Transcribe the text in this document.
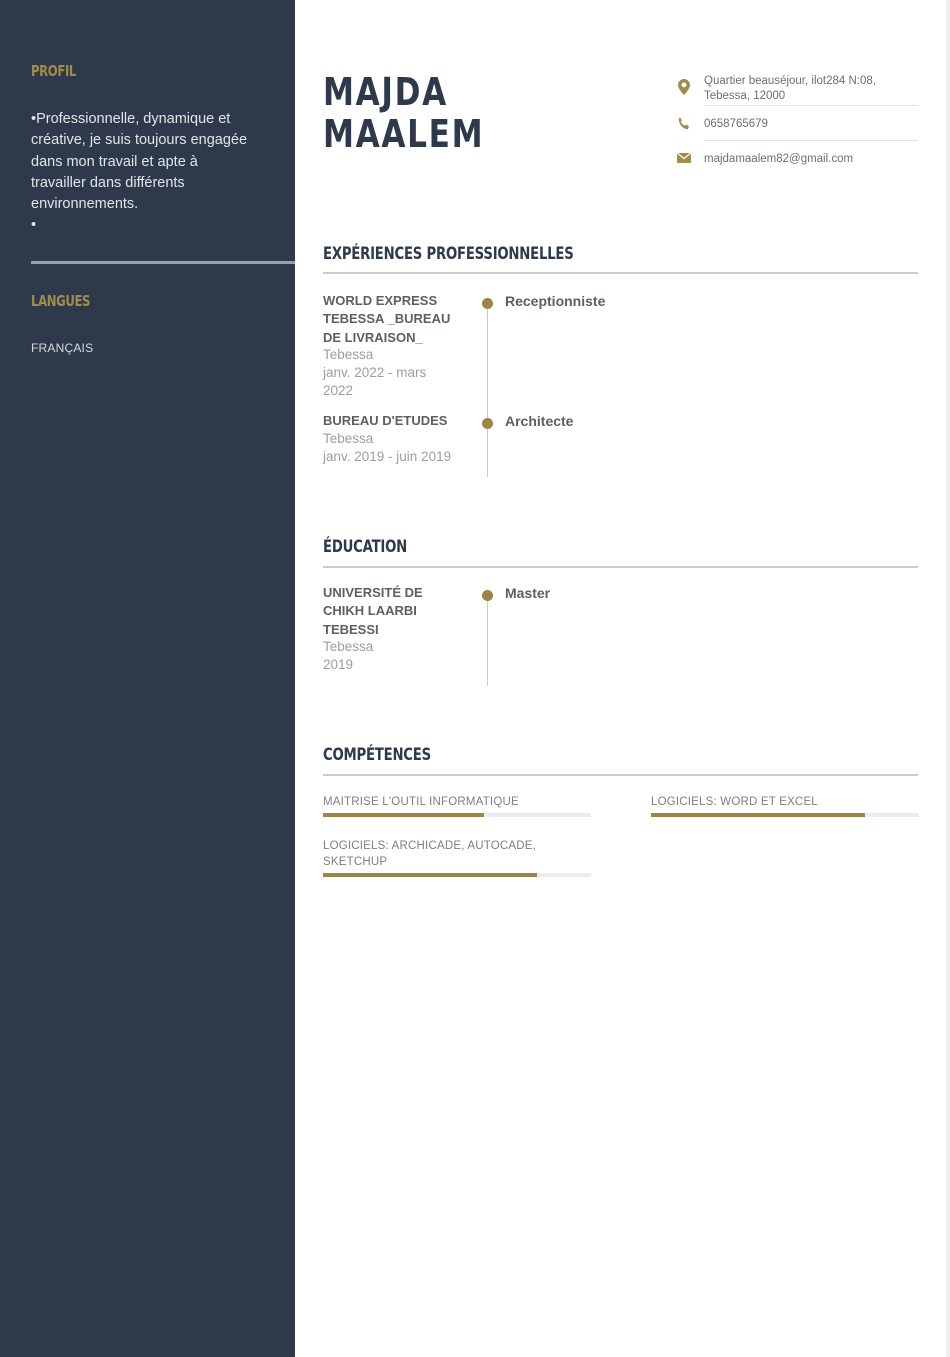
PROFIL
•Professionnelle, dynamique et créative, je suis toujours engagée dans mon travail et apte à travailler dans différents environnements.
•
LANGUES
FRANÇAIS
MAJDA
MAALEM
Quartier beauséjour, ilot284 N:08,
Tebessa, 12000
0658765679
majdamaalem82@gmail.com
EXPÉRIENCES PROFESSIONNELLES
WORLD EXPRESS
TEBESSA _BUREAU
DE LIVRAISON_
Tebessa
janv. 2022 - mars
2022
Receptionniste
BUREAU D'ETUDES
Tebessa
janv. 2019 - juin 2019
Architecte
ÉDUCATION
UNIVERSITÉ DE
CHIKH LAARBI
TEBESSI
Tebessa
2019
Master
COMPÉTENCES
MAITRISE L'OUTIL INFORMATIQUE	LOGICIELS: WORD ET EXCEL
LOGICIELS: ARCHICADE, AUTOCADE, SKETCHUP
